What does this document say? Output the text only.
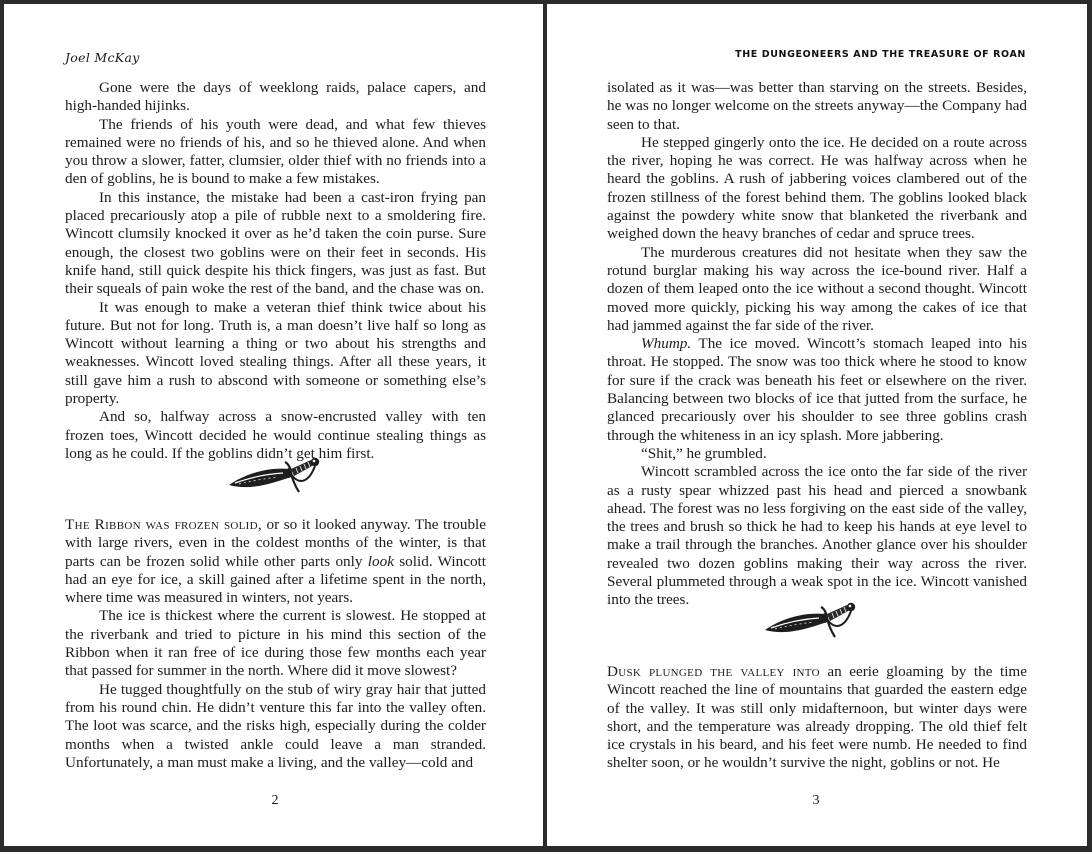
Joel McKay

Gone were the days of weeklong raids, palace capers, and high-handed hijinks.

The friends of his youth were dead, and what few thieves remained were no friends of his, and so he thieved alone. And when you throw a slower, fatter, clumsier, older thief with no friends into a den of goblins, he is bound to make a few mistakes.

In this instance, the mistake had been a cast-iron frying pan placed precariously atop a pile of rubble next to a smoldering fire. Wincott clumsily knocked it over as he’d taken the coin purse. Sure enough, the closest two goblins were on their feet in seconds. His knife hand, still quick despite his thick fingers, was just as fast. But their squeals of pain woke the rest of the band, and the chase was on.

It was enough to make a veteran thief think twice about his future. But not for long. Truth is, a man doesn’t live half so long as Wincott without learning a thing or two about his strengths and weaknesses. Wincott loved stealing things. After all these years, it still gave him a rush to abscond with someone or something else’s property.

And so, halfway across a snow-encrusted valley with ten frozen toes, Wincott decided he would continue stealing things as long as he could. If the goblins didn’t get him first.

The Ribbon was frozen solid, or so it looked anyway. The trouble with large rivers, even in the coldest months of the winter, is that parts can be frozen solid while other parts only look solid. Wincott had an eye for ice, a skill gained after a lifetime spent in the north, where time was measured in winters, not years.

The ice is thickest where the current is slowest. He stopped at the riverbank and tried to picture in his mind this section of the Ribbon when it ran free of ice during those few months each year that passed for summer in the north. Where did it move slowest?

He tugged thoughtfully on the stub of wiry gray hair that jutted from his round chin. He didn’t venture this far into the valley often. The loot was scarce, and the risks high, especially during the colder months when a twisted ankle could leave a man stranded. Unfortunately, a man must make a living, and the valley—cold and

2
THE DUNGEONEERS AND THE TREASURE OF ROAN

isolated as it was—was better than starving on the streets. Besides, he was no longer welcome on the streets anyway—the Company had seen to that.

He stepped gingerly onto the ice. He decided on a route across the river, hoping he was correct. He was halfway across when he heard the goblins. A rush of jabbering voices clambered out of the frozen stillness of the forest behind them. The goblins looked black against the powdery white snow that blanketed the riverbank and weighed down the heavy branches of cedar and spruce trees.

The murderous creatures did not hesitate when they saw the rotund burglar making his way across the ice-bound river. Half a dozen of them leaped onto the ice without a second thought. Wincott moved more quickly, picking his way among the cakes of ice that had jammed against the far side of the river.

Whump. The ice moved. Wincott’s stomach leaped into his throat. He stopped. The snow was too thick where he stood to know for sure if the crack was beneath his feet or elsewhere on the river. Balancing between two blocks of ice that jutted from the surface, he glanced precariously over his shoulder to see three goblins crash through the whiteness in an icy splash. More jabbering.

“Shit,” he grumbled.

Wincott scrambled across the ice onto the far side of the river as a rusty spear whizzed past his head and pierced a snowbank ahead. The forest was no less forgiving on the east side of the valley, the trees and brush so thick he had to keep his hands at eye level to make a trail through the branches. Another glance over his shoulder revealed two dozen goblins making their way across the river. Several plummeted through a weak spot in the ice. Wincott vanished into the trees.

Dusk plunged the valley into an eerie gloaming by the time Wincott reached the line of mountains that guarded the eastern edge of the valley. It was still only midafternoon, but winter days were short, and the temperature was already dropping. The old thief felt ice crystals in his beard, and his feet were numb. He needed to find shelter soon, or he wouldn’t survive the night, goblins or not. He

3
